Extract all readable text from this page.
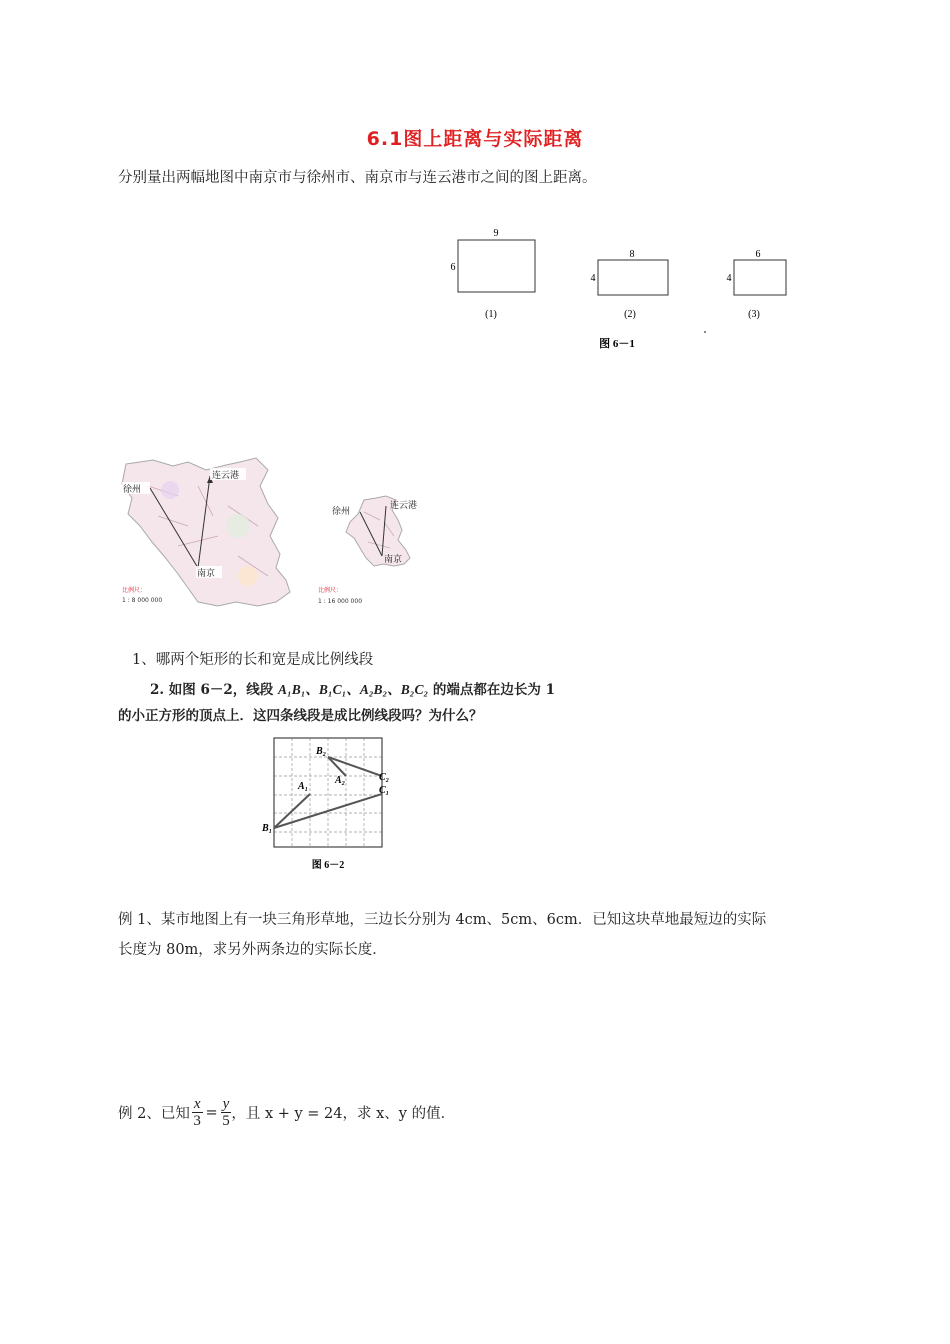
6.1图上距离与实际距离
分别量出两幅地图中南京市与徐州市、南京市与连云港市之间的图上距离。
9
6
(1)
8
4
(2)
6
4
(3)
图 6－1
连云港
徐州
南京
比例尺：
1 : 8 000 000
连云港
徐州
南京
比例尺：
1 : 16 000 000
1、哪两个矩形的长和宽是成比例线段
2. 如图 6－2，线段 A₁B₁、B₁C₁、A₂B₂、B₂C₂ 的端点都在边长为 1
的小正方形的顶点上．这四条线段是成比例线段吗？为什么？
B₂
A₂	C₂
A₁	C₁
B₁
图 6－2
例 1、某市地图上有一块三角形草地，三边长分别为 4cm、5cm、6cm．已知这块草地最短边的实际
长度为 80m，求另外两条边的实际长度．
例 2、已知 $\frac{x}{3} = \frac{y}{5}$ ，且 x + y = 24，求 x、y 的值．
